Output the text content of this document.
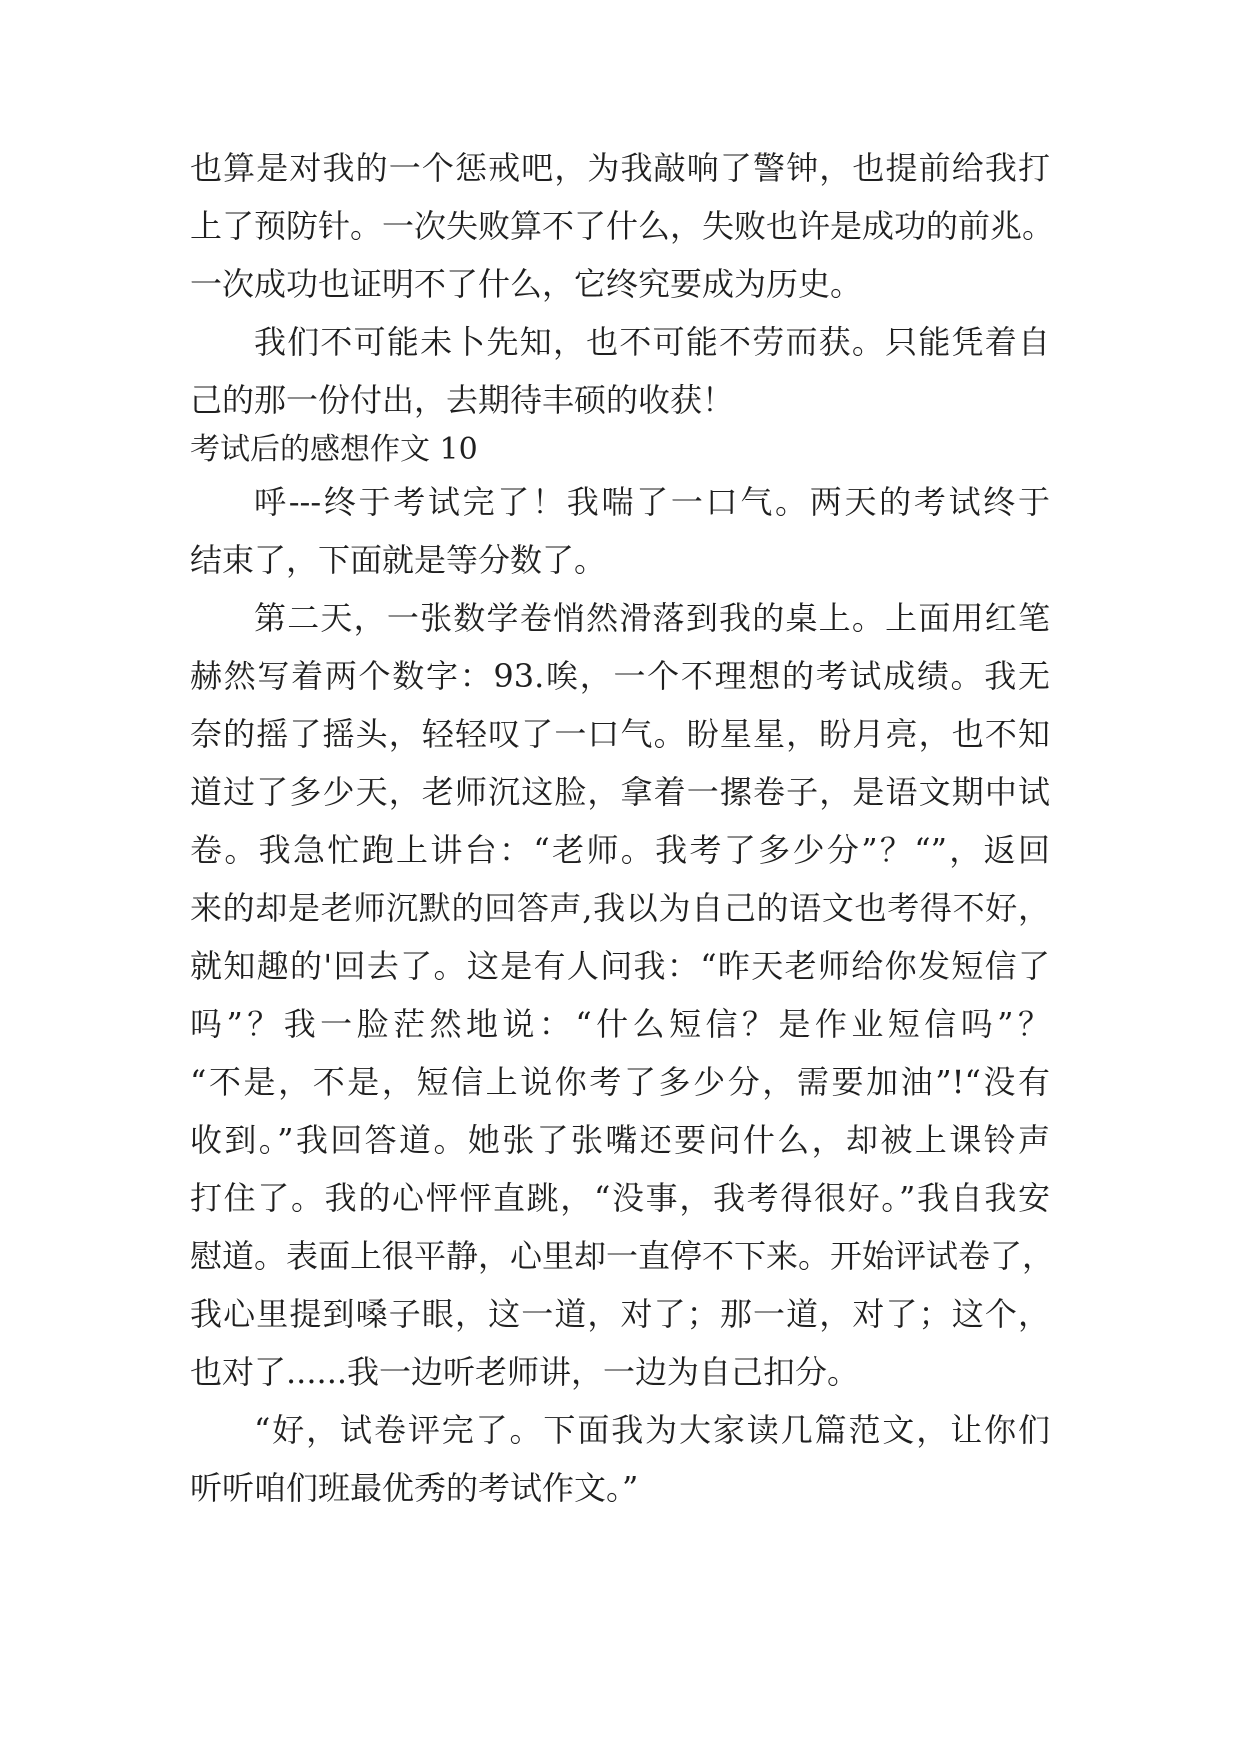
也算是对我的一个惩戒吧，为我敲响了警钟，也提前给我打

上了预防针。一次失败算不了什么，失败也许是成功的前兆。

一次成功也证明不了什么，它终究要成为历史。

我们不可能未卜先知，也不可能不劳而获。只能凭着自

己的那一份付出，去期待丰硕的收获！

考试后的感想作文 10

呼---终于考试完了！我喘了一口气。两天的考试终于

结束了，下面就是等分数了。

第二天，一张数学卷悄然滑落到我的桌上。上面用红笔

赫然写着两个数字：93.唉，一个不理想的考试成绩。我无

奈的摇了摇头，轻轻叹了一口气。盼星星，盼月亮，也不知

道过了多少天，老师沉这脸，拿着一摞卷子，是语文期中试

卷。我急忙跑上讲台：“老师。我考了多少分”？“”，返回

来的却是老师沉默的回答声,我以为自己的语文也考得不好，

就知趣的'回去了。这是有人问我：“昨天老师给你发短信了

吗”？我一脸茫然地说：“什么短信？是作业短信吗”？

“不是，不是，短信上说你考了多少分，需要加油”!“没有

收到。”我回答道。她张了张嘴还要问什么，却被上课铃声

打住了。我的心怦怦直跳，“没事，我考得很好。”我自我安

慰道。表面上很平静，心里却一直停不下来。开始评试卷了，

我心里提到嗓子眼，这一道，对了；那一道，对了；这个，

也对了......我一边听老师讲，一边为自己扣分。

“好，试卷评完了。下面我为大家读几篇范文，让你们

听听咱们班最优秀的考试作文。”
